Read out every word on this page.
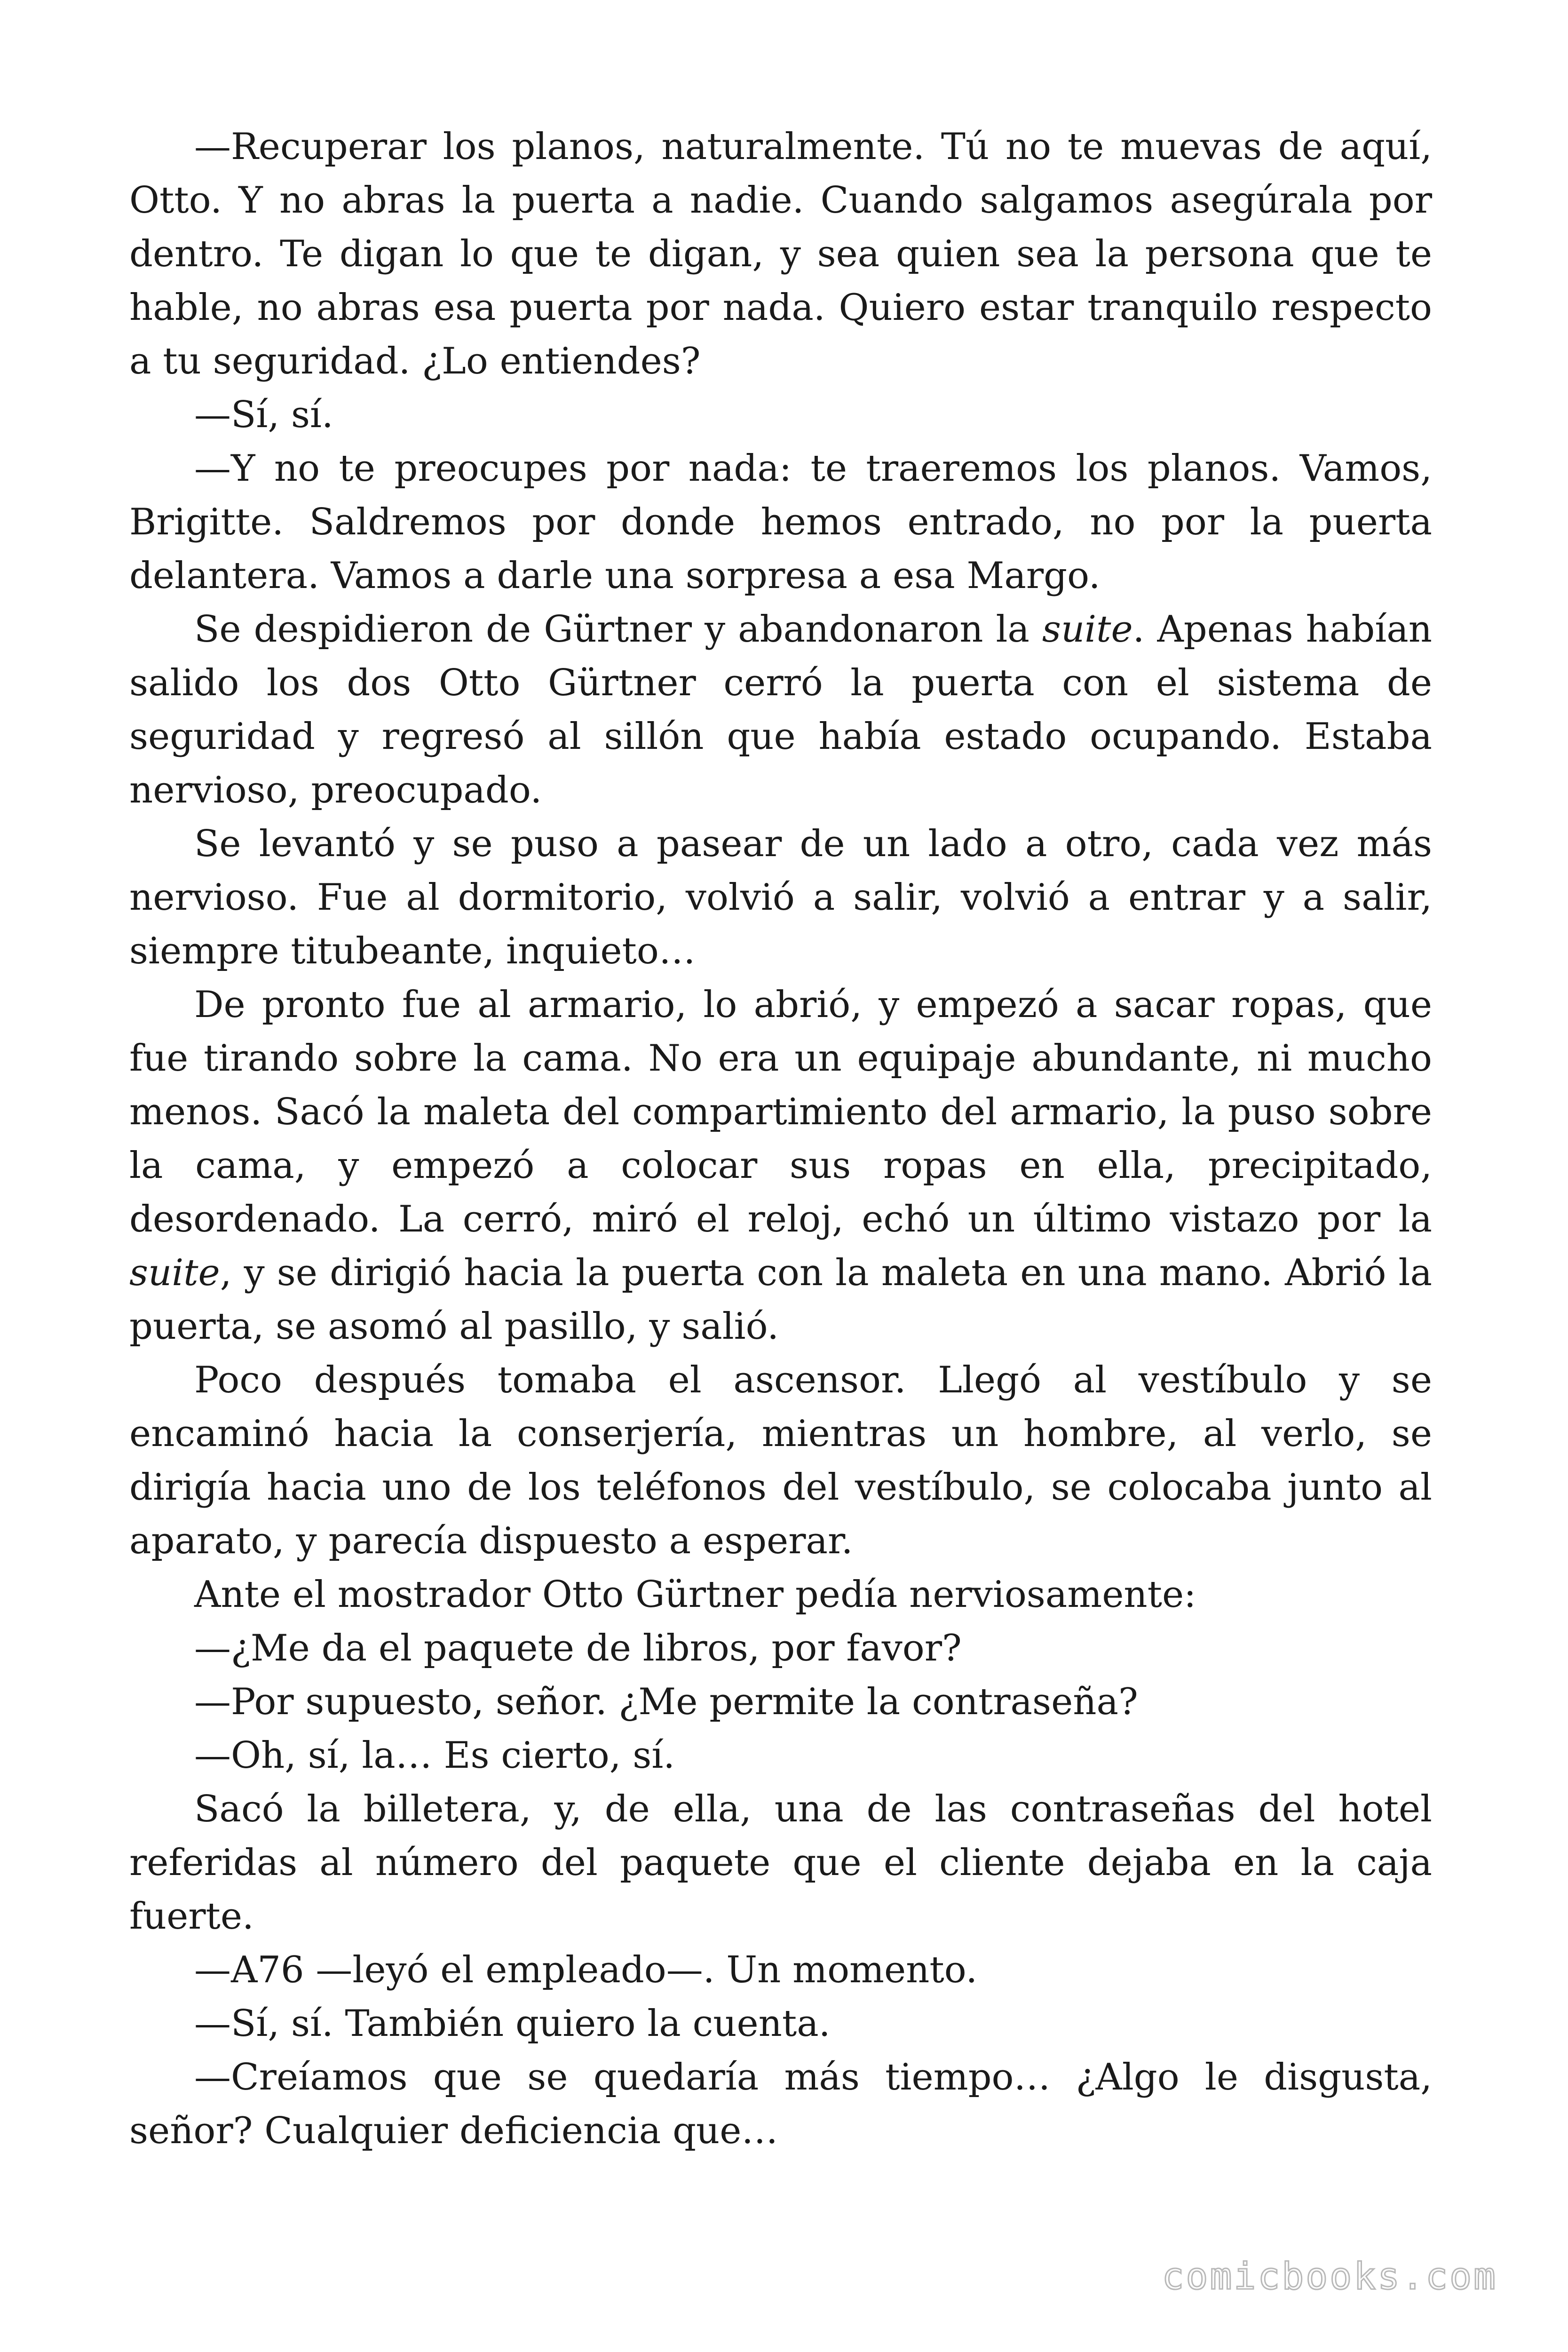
—Recuperar los planos, naturalmente. Tú no te muevas de aquí, Otto. Y no abras la puerta a nadie. Cuando salgamos asegúrala por dentro. Te digan lo que te digan, y sea quien sea la persona que te hable, no abras esa puerta por nada. Quiero estar tranquilo respecto a tu seguridad. ¿Lo entiendes?

—Sí, sí.

—Y no te preocupes por nada: te traeremos los planos. Vamos, Brigitte. Saldremos por donde hemos entrado, no por la puerta delantera. Vamos a darle una sorpresa a esa Margo.

Se despidieron de Gürtner y abandonaron la suite. Apenas habían salido los dos Otto Gürtner cerró la puerta con el sistema de seguridad y regresó al sillón que había estado ocupando. Estaba nervioso, preocupado.

Se levantó y se puso a pasear de un lado a otro, cada vez más nervioso. Fue al dormitorio, volvió a salir, volvió a entrar y a salir, siempre titubeante, inquieto…

De pronto fue al armario, lo abrió, y empezó a sacar ropas, que fue tirando sobre la cama. No era un equipaje abundante, ni mucho menos. Sacó la maleta del compartimiento del armario, la puso sobre la cama, y empezó a colocar sus ropas en ella, precipitado, desordenado. La cerró, miró el reloj, echó un último vistazo por la suite, y se dirigió hacia la puerta con la maleta en una mano. Abrió la puerta, se asomó al pasillo, y salió.

Poco después tomaba el ascensor. Llegó al vestíbulo y se encaminó hacia la conserjería, mientras un hombre, al verlo, se dirigía hacia uno de los teléfonos del vestíbulo, se colocaba junto al aparato, y parecía dispuesto a esperar.

Ante el mostrador Otto Gürtner pedía nerviosamente:

—¿Me da el paquete de libros, por favor?

—Por supuesto, señor. ¿Me permite la contraseña?

—Oh, sí, la… Es cierto, sí.

Sacó la billetera, y, de ella, una de las contraseñas del hotel referidas al número del paquete que el cliente dejaba en la caja fuerte.

—A76 —leyó el empleado—. Un momento.

—Sí, sí. También quiero la cuenta.

—Creíamos que se quedaría más tiempo… ¿Algo le disgusta, señor? Cualquier deficiencia que…

comicbooks.com
